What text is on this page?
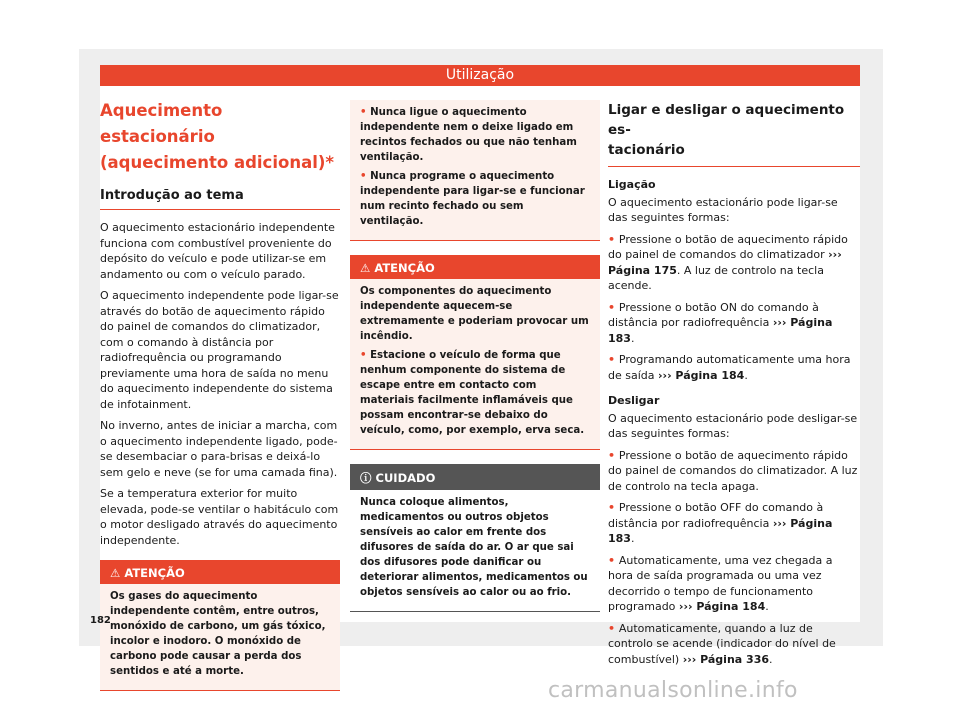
Utilização
Aquecimento estacionário
(aquecimento adicional)*
Introdução ao tema

O aquecimento estacionário independente funciona com combustível proveniente do depósito do veículo e pode utilizar-se em andamento ou com o veículo parado.

O aquecimento independente pode ligar-se através do botão de aquecimento rápido do painel de comandos do climatizador, com o comando à distância por radiofrequência ou programando previamente uma hora de saída no menu do aquecimento independente do sistema de infotainment.

No inverno, antes de iniciar a marcha, com o aquecimento independente ligado, pode-se desembaciar o para-brisas e deixá-lo sem gelo e neve (se for uma camada fina).

Se a temperatura exterior for muito elevada, pode-se ventilar o habitáculo com o motor desligado através do aquecimento independente.

⚠ ATENÇÃO

Os gases do aquecimento independente contêm, entre outros, monóxido de carbono, um gás tóxico, incolor e inodoro. O monóxido de carbono pode causar a perda dos sentidos e até a morte.

• Nunca ligue o aquecimento independente nem o deixe ligado em recintos fechados ou que não tenham ventilação.

• Nunca programe o aquecimento independente para ligar-se e funcionar num recinto fechado ou sem ventilação.

⚠ ATENÇÃO

Os componentes do aquecimento independente aquecem-se extremamente e poderiam provocar um incêndio.

• Estacione o veículo de forma que nenhum componente do sistema de escape entre em contacto com materiais facilmente inflamáveis que possam encontrar-se debaixo do veículo, como, por exemplo, erva seca.

ⓘ CUIDADO

Nunca coloque alimentos, medicamentos ou outros objetos sensíveis ao calor em frente dos difusores de saída do ar. O ar que sai dos difusores pode danificar ou deteriorar alimentos, medicamentos ou objetos sensíveis ao calor ou ao frio.

Ligar e desligar o aquecimento es-
tacionário
Ligação

O aquecimento estacionário pode ligar-se das seguintes formas:

• Pressione o botão de aquecimento rápido do painel de comandos do climatizador ››› Página 175. A luz de controlo na tecla acende.

• Pressione o botão ON do comando à distância por radiofrequência ››› Página 183.

• Programando automaticamente uma hora de saída ››› Página 184.

Desligar

O aquecimento estacionário pode desligar-se das seguintes formas:

• Pressione o botão de aquecimento rápido do painel de comandos do climatizador. A luz de controlo na tecla apaga.

• Pressione o botão OFF do comando à distância por radiofrequência ››› Página 183.

• Automaticamente, uma vez chegada a hora de saída programada ou uma vez decorrido o tempo de funcionamento programado ››› Página 184.

• Automaticamente, quando a luz de controlo se acende (indicador do nível de combustível) ››› Página 336.

182
carmanualsonline.info
